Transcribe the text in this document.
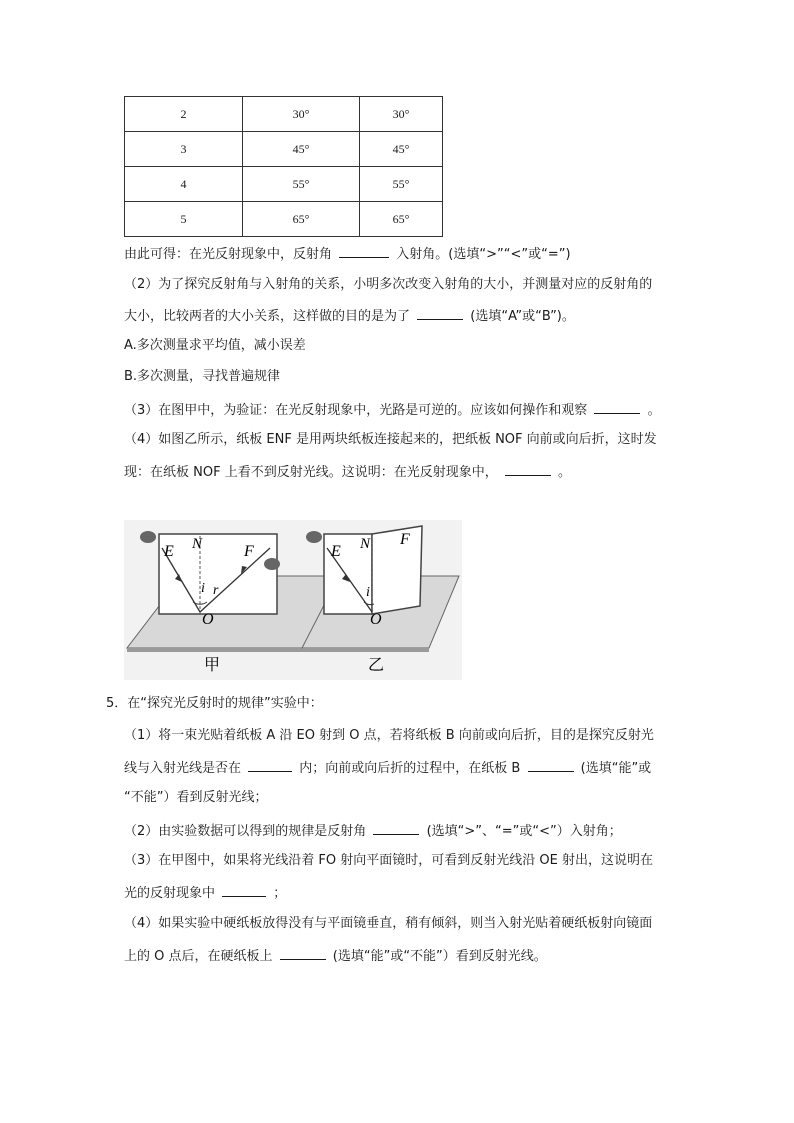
2	30°	30°
3	45°	45°
4	55°	55°
5	65°	65°
由此可得：在光反射现象中，反射角	入射角。(选填“>”“<”或“=”)
（2）为了探究反射角与入射角的关系，小明多次改变入射角的大小，并测量对应的反射角的
大小，比较两者的大小关系，这样做的目的是为了	(选填“A”或“B”)。
A.多次测量求平均值，减小误差
B.多次测量，寻找普遍规律
（3）在图甲中，为验证：在光反射现象中，光路是可逆的。应该如何操作和观察	。
（4）如图乙所示，纸板 ENF 是用两块纸板连接起来的，把纸板 NOF 向前或向后折，这时发
现：在纸板 NOF 上看不到反射光线。这说明：在光反射现象中，	。
E N	F
i r
O
甲
E N F
i
O
乙
5．在“探究光反射时的规律”实验中：
（1）将一束光贴着纸板 A 沿 EO 射到 O 点，若将纸板 B 向前或向后折，目的是探究反射光
线与入射光线是否在	内；向前或向后折的过程中，在纸板 B	(选填“能”或
“不能”）看到反射光线；
（2）由实验数据可以得到的规律是反射角	(选填“>”、“=”或“<”）入射角；
（3）在甲图中，如果将光线沿着 FO 射向平面镜时，可看到反射光线沿 OE 射出，这说明在
光的反射现象中	；
（4）如果实验中硬纸板放得没有与平面镜垂直，稍有倾斜，则当入射光贴着硬纸板射向镜面
上的 O 点后，在硬纸板上	(选填“能”或“不能”）看到反射光线。
